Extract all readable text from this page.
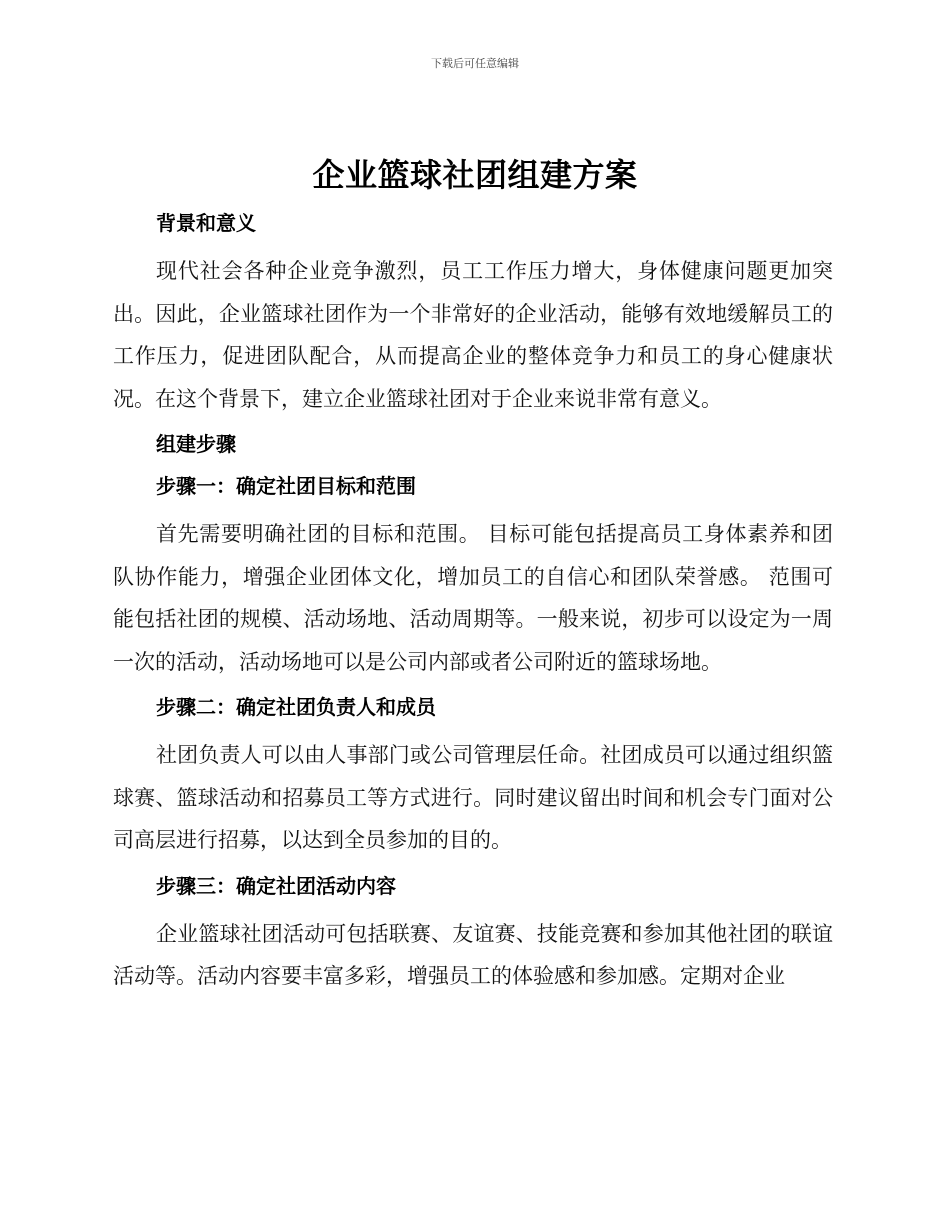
下载后可任意编辑
企业篮球社团组建方案
背景和意义

现代社会各种企业竞争激烈，员工工作压力增大，身体健康问题更加突出。因此，企业篮球社团作为一个非常好的企业活动，能够有效地缓解员工的工作压力，促进团队配合，从而提高企业的整体竞争力和员工的身心健康状况。在这个背景下，建立企业篮球社团对于企业来说非常有意义。

组建步骤
步骤一：确定社团目标和范围

首先需要明确社团的目标和范围。 目标可能包括提高员工身体素养和团队协作能力，增强企业团体文化，增加员工的自信心和团队荣誉感。 范围可能包括社团的规模、活动场地、活动周期等。一般来说，初步可以设定为一周一次的活动，活动场地可以是公司内部或者公司附近的篮球场地。

步骤二：确定社团负责人和成员

社团负责人可以由人事部门或公司管理层任命。社团成员可以通过组织篮球赛、篮球活动和招募员工等方式进行。同时建议留出时间和机会专门面对公司高层进行招募，以达到全员参加的目的。

步骤三：确定社团活动内容

企业篮球社团活动可包括联赛、友谊赛、技能竞赛和参加其他社团的联谊活动等。活动内容要丰富多彩，增强员工的体验感和参加感。定期对企业
